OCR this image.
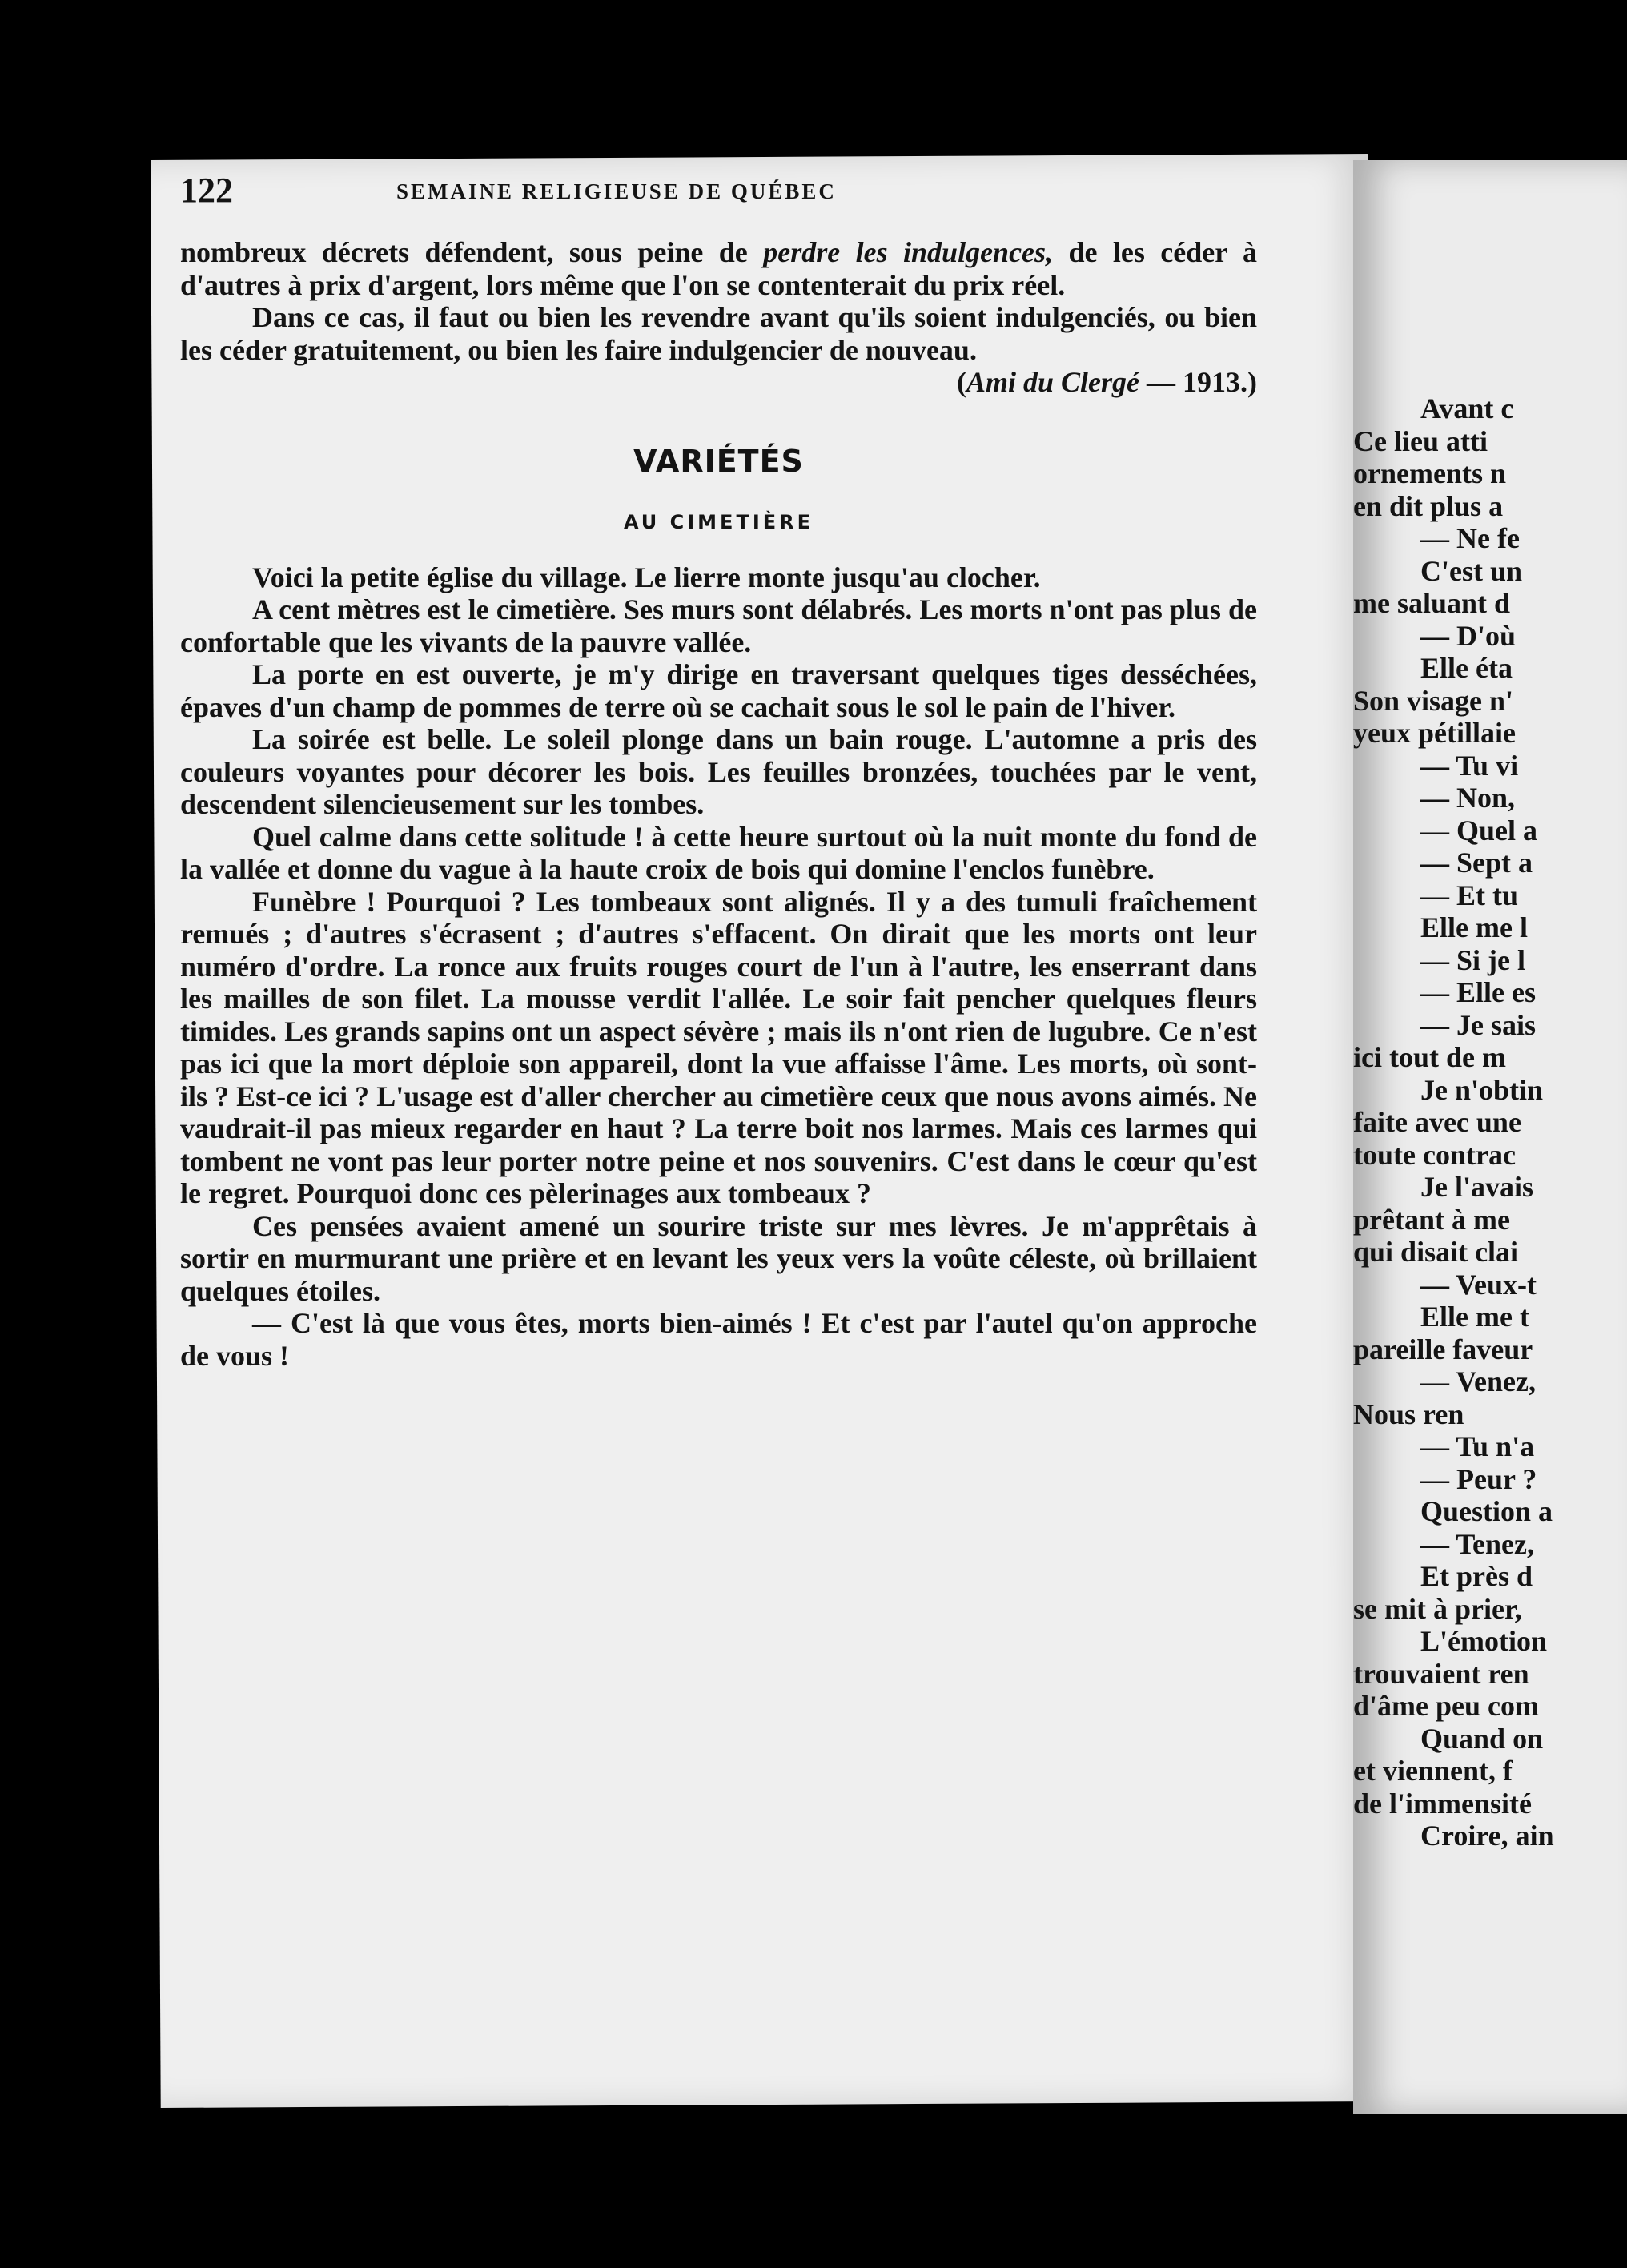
Avant c
Ce lieu atti
ornements n
en dit plus a
— Ne fe
C'est un
me saluant d
— D'où
Elle éta
Son visage n'
yeux pétillaie
— Tu vi
— Non,
— Quel a
— Sept a
— Et tu
Elle me l
— Si je l
— Elle es
— Je sais
ici tout de m
Je n'obtin
faite avec une
toute contrac
Je l'avais
prêtant à me
qui disait clai
— Veux-t
Elle me t
pareille faveur
— Venez,
Nous ren
— Tu n'a
— Peur ?
Question a
— Tenez,
Et près d
se mit à prier,
L'émotion
trouvaient ren
d'âme peu com
Quand on
et viennent, f
de l'immensité
Croire, ain
122	SEMAINE RELIGIEUSE DE QUÉBEC

nombreux décrets défendent, sous peine de perdre les indulgences, de les céder à d'autres à prix d'argent, lors même que l'on se contenterait du prix réel.

Dans ce cas, il faut ou bien les revendre avant qu'ils soient indulgenciés, ou bien les céder gratuitement, ou bien les faire indulgencier de nouveau.

(Ami du Clergé — 1913.)

VARIÉTÉS

AU CIMETIÈRE

Voici la petite église du village. Le lierre monte jusqu'au clocher.

A cent mètres est le cimetière. Ses murs sont délabrés. Les morts n'ont pas plus de confortable que les vivants de la pauvre vallée.

La porte en est ouverte, je m'y dirige en traversant quelques tiges desséchées, épaves d'un champ de pommes de terre où se cachait sous le sol le pain de l'hiver.

La soirée est belle. Le soleil plonge dans un bain rouge. L'automne a pris des couleurs voyantes pour décorer les bois. Les feuilles bronzées, touchées par le vent, descendent silencieusement sur les tombes.

Quel calme dans cette solitude ! à cette heure surtout où la nuit monte du fond de la vallée et donne du vague à la haute croix de bois qui domine l'enclos funèbre.

Funèbre ! Pourquoi ? Les tombeaux sont alignés. Il y a des tumuli fraîchement remués ; d'autres s'écrasent ; d'autres s'effacent. On dirait que les morts ont leur numéro d'ordre. La ronce aux fruits rouges court de l'un à l'autre, les enserrant dans les mailles de son filet. La mousse verdit l'allée. Le soir fait pencher quelques fleurs timides. Les grands sapins ont un aspect sévère ; mais ils n'ont rien de lugubre. Ce n'est pas ici que la mort déploie son appareil, dont la vue affaisse l'âme. Les morts, où sont-ils ? Est-ce ici ? L'usage est d'aller chercher au cimetière ceux que nous avons aimés. Ne vaudrait-il pas mieux regarder en haut ? La terre boit nos larmes. Mais ces larmes qui tombent ne vont pas leur porter notre peine et nos souvenirs. C'est dans le cœur qu'est le regret. Pourquoi donc ces pèlerinages aux tombeaux ?

Ces pensées avaient amené un sourire triste sur mes lèvres. Je m'apprêtais à sortir en murmurant une prière et en levant les yeux vers la voûte céleste, où brillaient quelques étoiles.

— C'est là que vous êtes, morts bien-aimés ! Et c'est par l'autel qu'on approche de vous !
